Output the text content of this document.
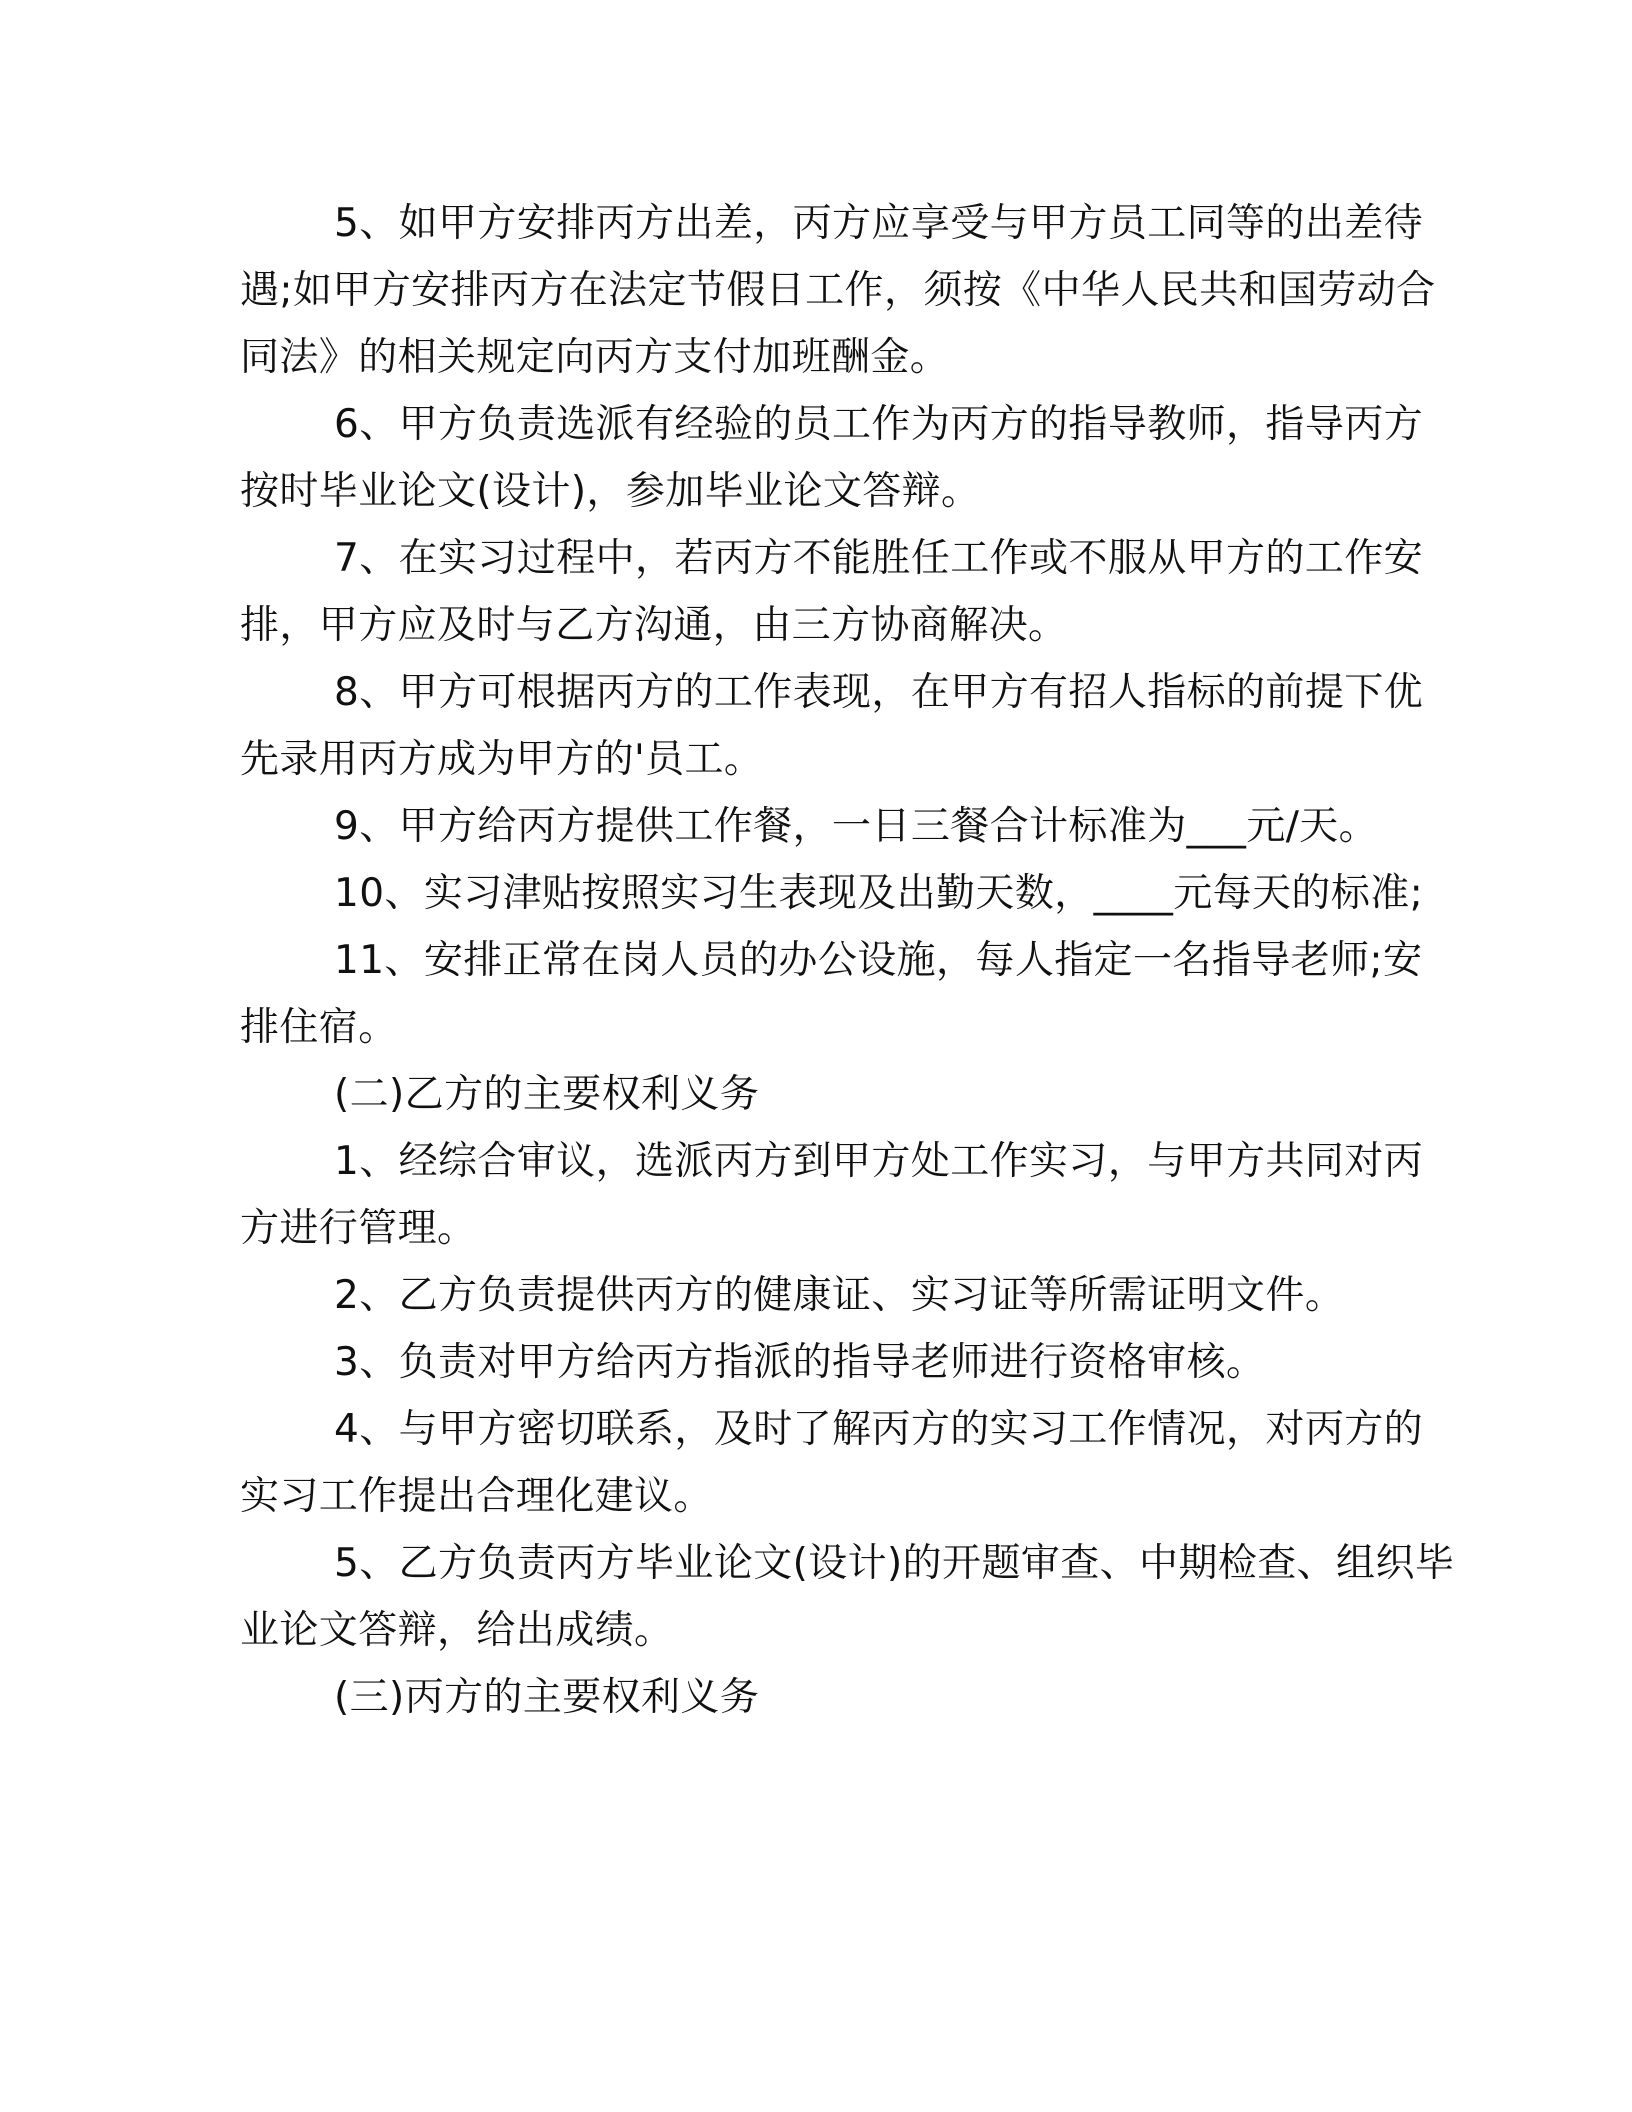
5、如甲方安排丙方出差，丙方应享受与甲方员工同等的出差待
遇;如甲方安排丙方在法定节假日工作，须按《中华人民共和国劳动合
同法》的相关规定向丙方支付加班酬金。
6、甲方负责选派有经验的员工作为丙方的指导教师，指导丙方
按时毕业论文(设计)，参加毕业论文答辩。
7、在实习过程中，若丙方不能胜任工作或不服从甲方的工作安
排，甲方应及时与乙方沟通，由三方协商解决。
8、甲方可根据丙方的工作表现，在甲方有招人指标的前提下优
先录用丙方成为甲方的'员工。
9、甲方给丙方提供工作餐，一日三餐合计标准为___元/天。
10、实习津贴按照实习生表现及出勤天数，____元每天的标准;
11、安排正常在岗人员的办公设施，每人指定一名指导老师;安
排住宿。
(二)乙方的主要权利义务
1、经综合审议，选派丙方到甲方处工作实习，与甲方共同对丙
方进行管理。
2、乙方负责提供丙方的健康证、实习证等所需证明文件。
3、负责对甲方给丙方指派的指导老师进行资格审核。
4、与甲方密切联系，及时了解丙方的实习工作情况，对丙方的
实习工作提出合理化建议。
5、乙方负责丙方毕业论文(设计)的开题审查、中期检查、组织毕
业论文答辩，给出成绩。
(三)丙方的主要权利义务
